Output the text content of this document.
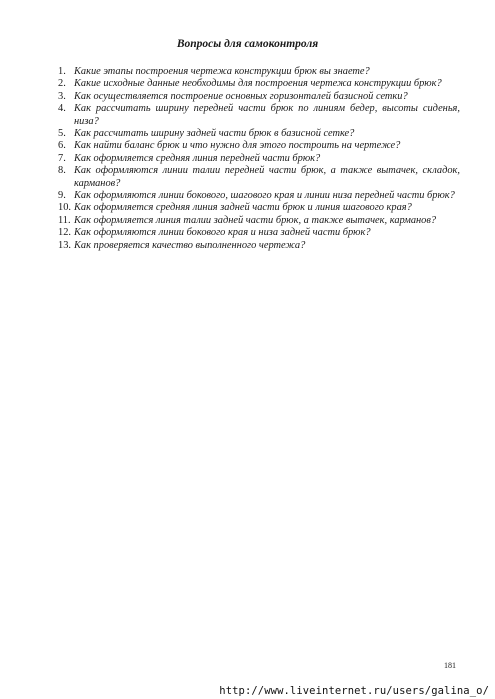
Вопросы для самоконтроля
1. Какие этапы построения чертежа конструкции брюк вы знаете?
2. Какие исходные данные необходимы для построения чертежа конструкции брюк?
3. Как осуществляется построение основных горизонталей базисной сетки?
4. Как рассчитать ширину передней части брюк по линиям бедер, высоты сиденья, низа?
5. Как рассчитать ширину задней части брюк в базисной сетке?
6. Как найти баланс брюк и что нужно для этого построить на чертеже?
7. Как оформляется средняя линия передней части брюк?
8. Как оформляются линии талии передней части брюк, а также вытачек, складок, карманов?
9. Как оформляются линии бокового, шагового края и линии низа передней части брюк?
10. Как оформляется средняя линия задней части брюк и линия шагового края?
11. Как оформляется линия талии задней части брюк, а также вытачек, карманов?
12. Как оформляются линии бокового края и низа задней части брюк?
13. Как проверяется качество выполненного чертежа?
181
http://www.liveinternet.ru/users/galina_o/
